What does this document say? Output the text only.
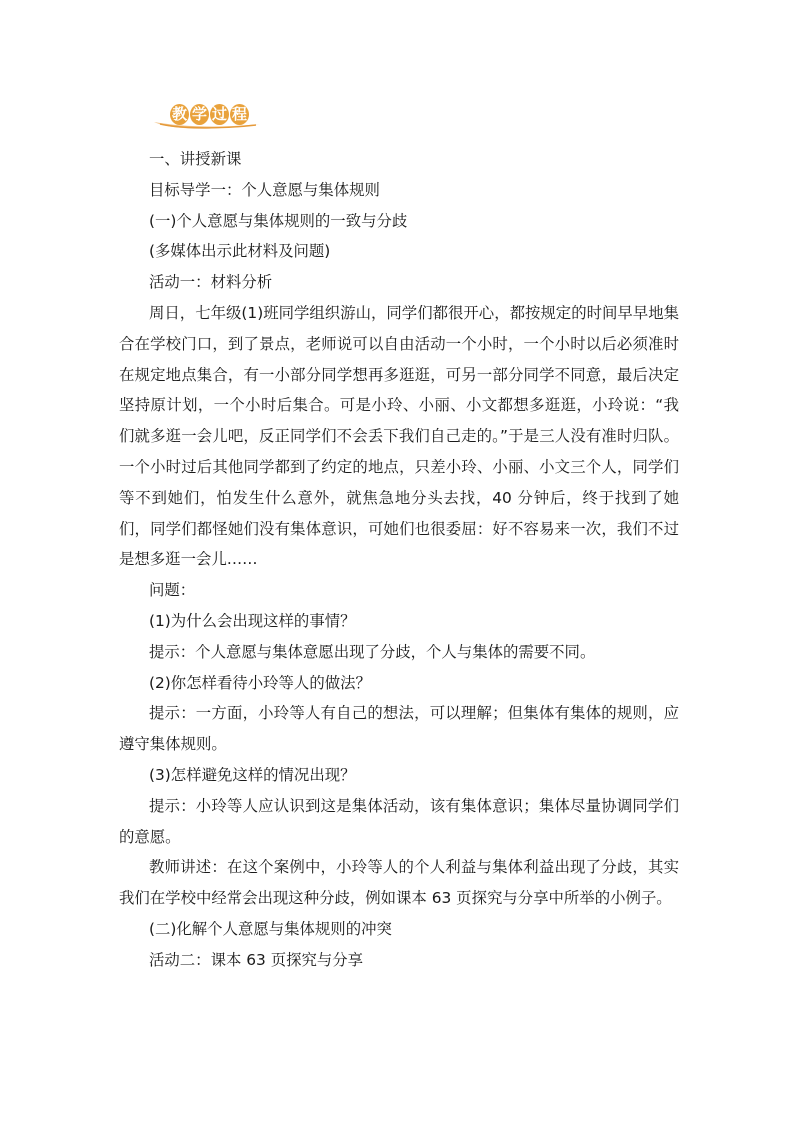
教 学 过 程

一、讲授新课

目标导学一：个人意愿与集体规则

(一)个人意愿与集体规则的一致与分歧

(多媒体出示此材料及问题)

活动一：材料分析

周日，七年级(1)班同学组织游山，同学们都很开心，都按规定的时间早早地集合在学校门口，到了景点，老师说可以自由活动一个小时，一个小时以后必须准时在规定地点集合，有一小部分同学想再多逛逛，可另一部分同学不同意，最后决定坚持原计划，一个小时后集合。可是小玲、小丽、小文都想多逛逛，小玲说：“我们就多逛一会儿吧，反正同学们不会丢下我们自己走的。”于是三人没有准时归队。一个小时过后其他同学都到了约定的地点，只差小玲、小丽、小文三个人，同学们等不到她们，怕发生什么意外，就焦急地分头去找，40 分钟后，终于找到了她们，同学们都怪她们没有集体意识，可她们也很委屈：好不容易来一次，我们不过是想多逛一会儿……

问题：

(1)为什么会出现这样的事情？

提示：个人意愿与集体意愿出现了分歧，个人与集体的需要不同。

(2)你怎样看待小玲等人的做法？

提示：一方面，小玲等人有自己的想法，可以理解；但集体有集体的规则，应遵守集体规则。

(3)怎样避免这样的情况出现？

提示：小玲等人应认识到这是集体活动，该有集体意识；集体尽量协调同学们的意愿。

教师讲述：在这个案例中，小玲等人的个人利益与集体利益出现了分歧，其实我们在学校中经常会出现这种分歧，例如课本 63 页探究与分享中所举的小例子。

(二)化解个人意愿与集体规则的冲突

活动二：课本 63 页探究与分享
